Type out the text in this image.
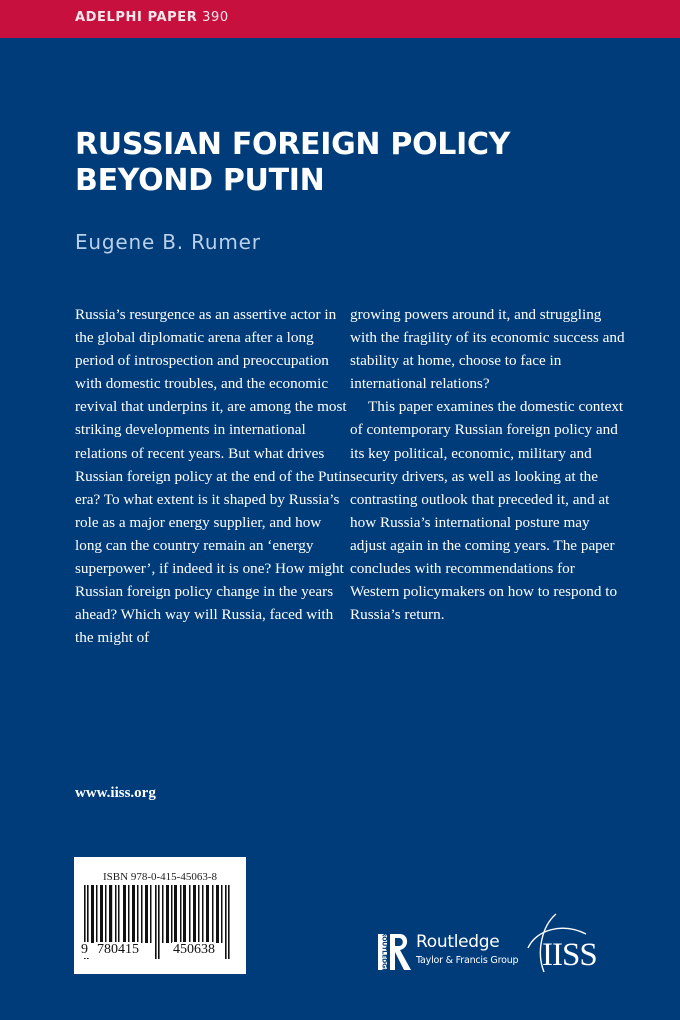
ADELPHI PAPER 390
RUSSIAN FOREIGN POLICY
BEYOND PUTIN
Eugene B. Rumer

Russia’s resurgence as an assertive actor in the global diplomatic arena after a long period of introspection and preoccupation with domestic troubles, and the economic revival that underpins it, are among the most striking developments in international relations of recent years. But what drives Russian foreign policy at the end of the Putin era? To what extent is it shaped by Russia’s role as a major energy supplier, and how long can the country remain an ‘energy superpower’, if indeed it is one? How might Russian foreign policy change in the years ahead? Which way will Russia, faced with the might of

growing powers around it, and struggling with the fragility of its economic success and stability at home, choose to face in international relations?

This paper examines the domestic context of contemporary Russian foreign policy and its key political, economic, military and security drivers, as well as looking at the contrasting outlook that preceded it, and at how Russia’s international posture may adjust again in the coming years. The paper concludes with recommendations for Western policymakers on how to respond to Russia’s return.

www.iiss.org
ISBN 978-0-415-45063-8
9 780415 450638	ROUTLEDGE Routledge
Taylor & Francis Group IISS
